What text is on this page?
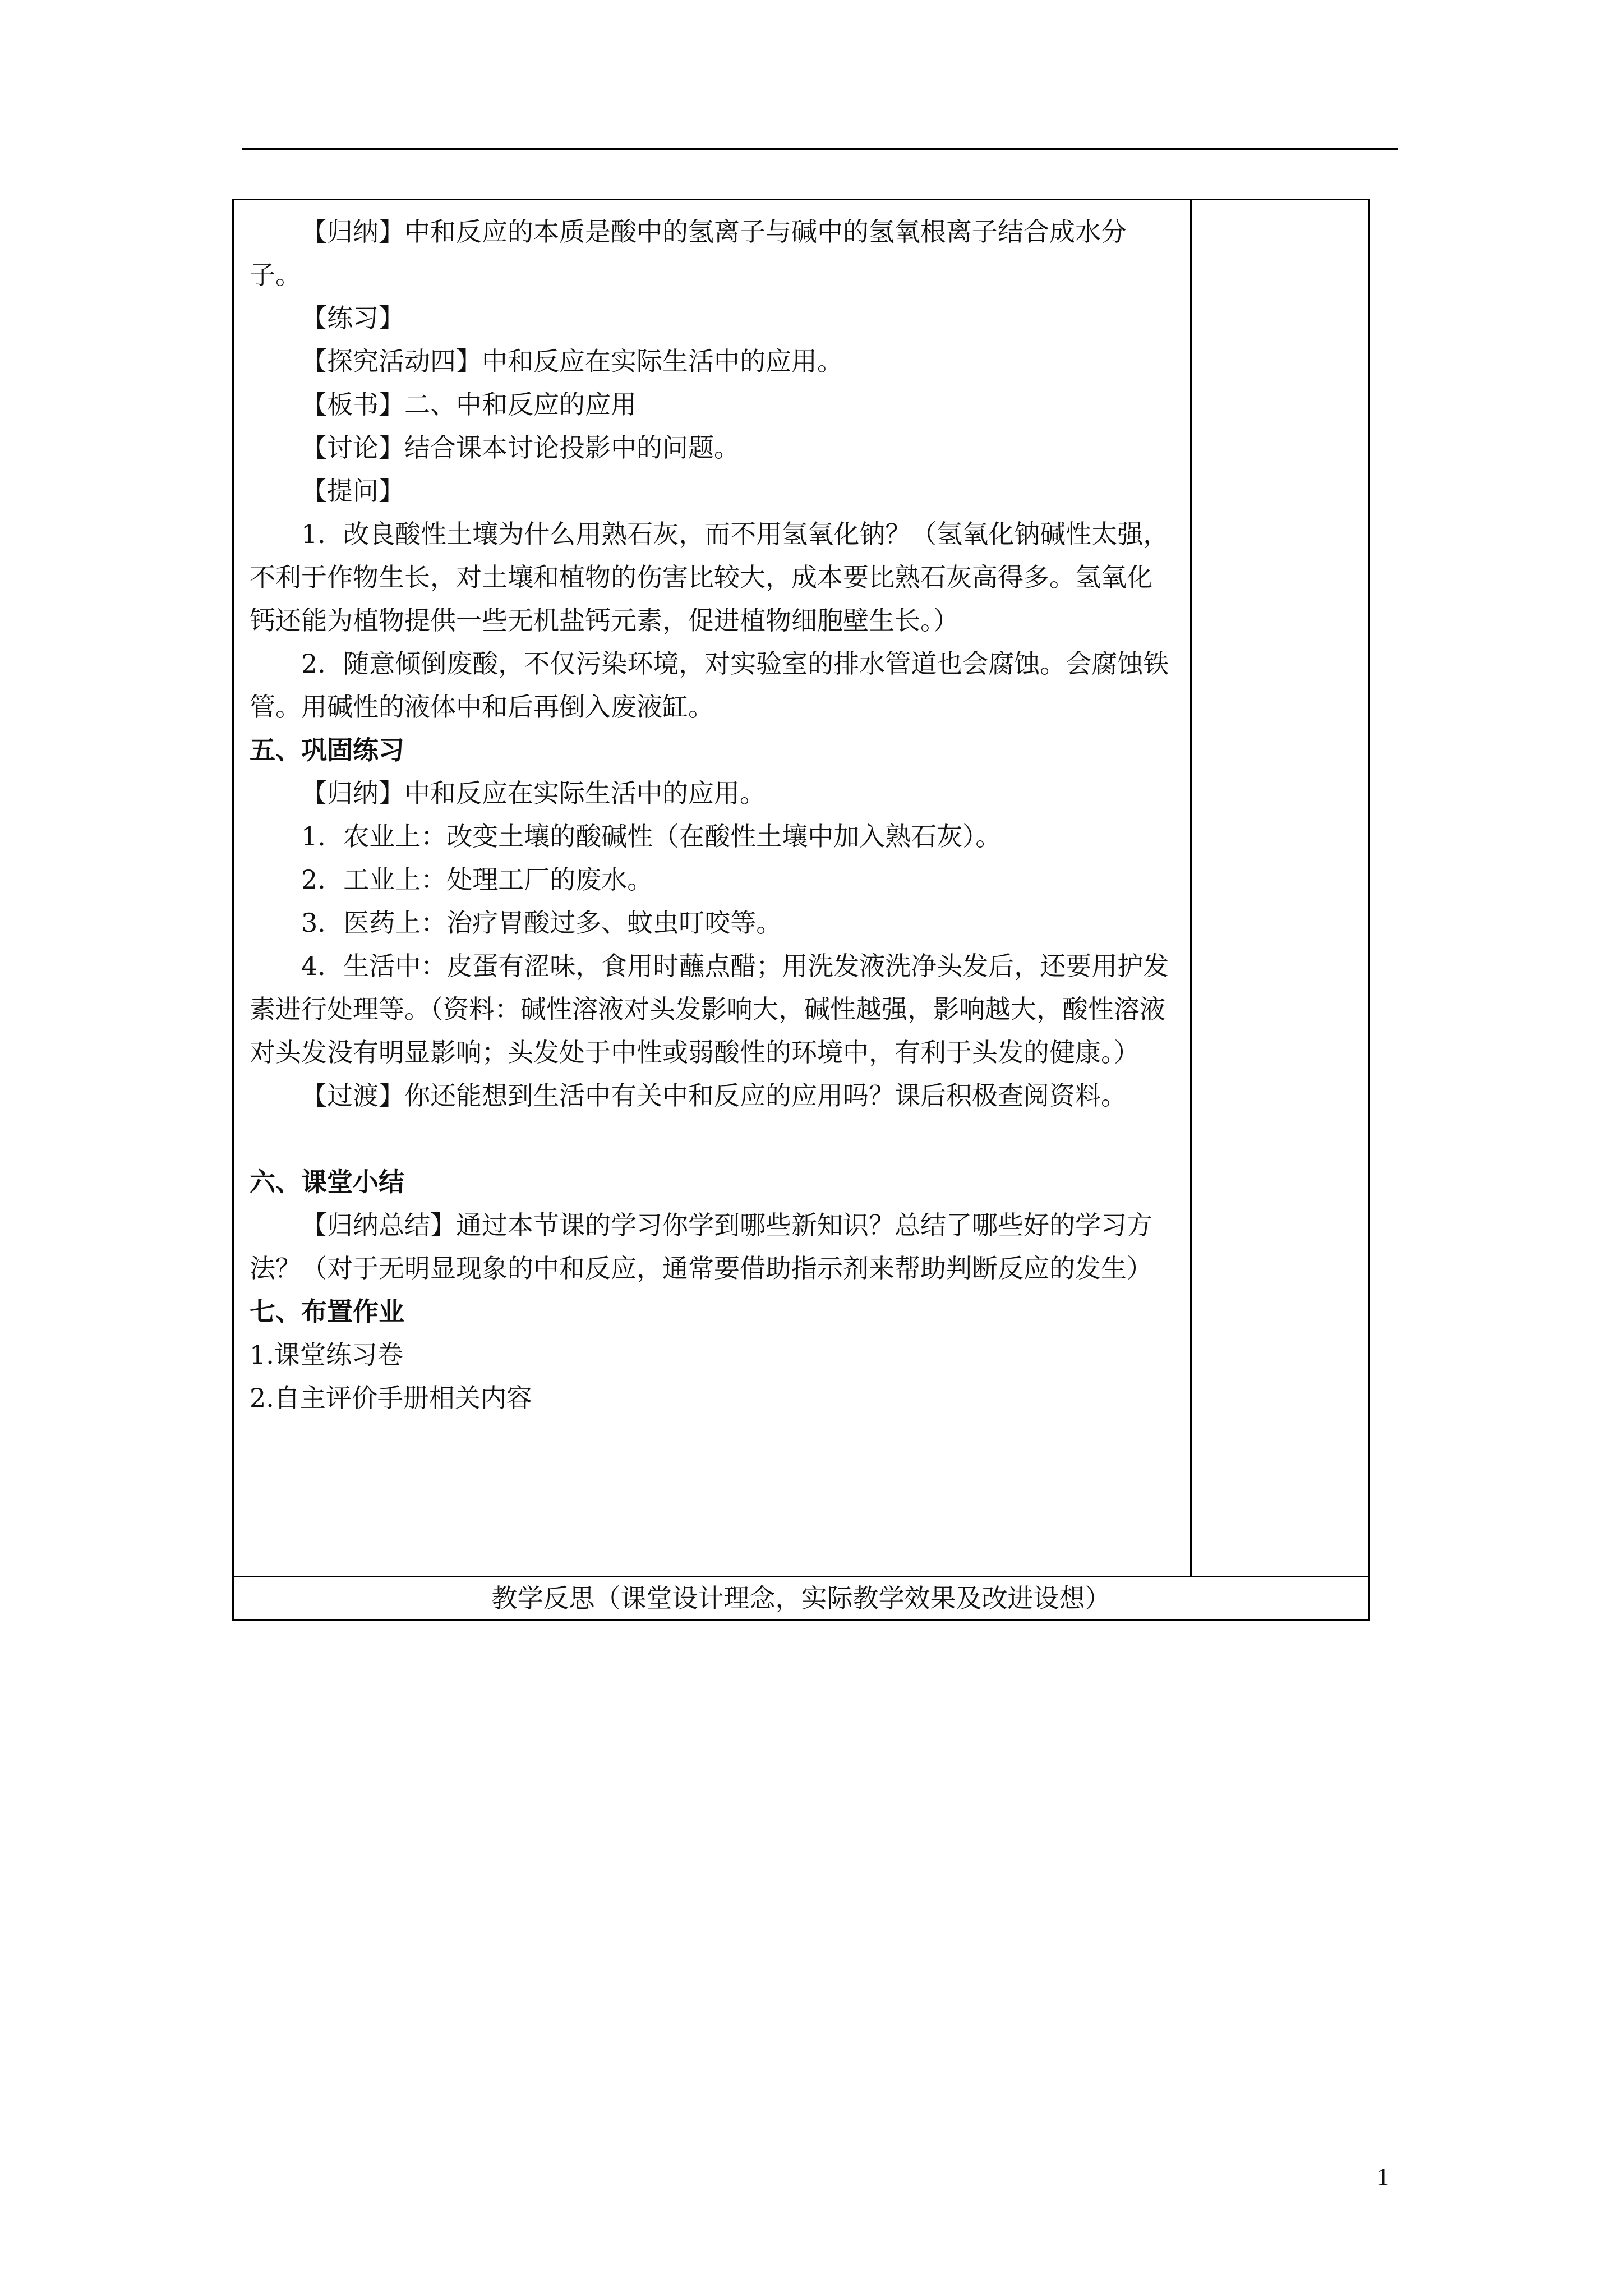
【归纳】中和反应的本质是酸中的氢离子与碱中的氢氧根离子结合成水分子。

【练习】

【探究活动四】中和反应在实际生活中的应用。

【板书】二、中和反应的应用

【讨论】结合课本讨论投影中的问题。

【提问】

1．改良酸性土壤为什么用熟石灰，而不用氢氧化钠？（氢氧化钠碱性太强，不利于作物生长，对土壤和植物的伤害比较大，成本要比熟石灰高得多。氢氧化钙还能为植物提供一些无机盐钙元素，促进植物细胞壁生长。）

2．随意倾倒废酸，不仅污染环境，对实验室的排水管道也会腐蚀。会腐蚀铁管。用碱性的液体中和后再倒入废液缸。

五、巩固练习

【归纳】中和反应在实际生活中的应用。

1．农业上：改变土壤的酸碱性（在酸性土壤中加入熟石灰）。

2．工业上：处理工厂的废水。

3．医药上：治疗胃酸过多、蚊虫叮咬等。

4．生活中：皮蛋有涩味，食用时蘸点醋；用洗发液洗净头发后，还要用护发素进行处理等。（资料：碱性溶液对头发影响大，碱性越强，影响越大，酸性溶液对头发没有明显影响；头发处于中性或弱酸性的环境中，有利于头发的健康。）

【过渡】你还能想到生活中有关中和反应的应用吗？课后积极查阅资料。

六、课堂小结

【归纳总结】通过本节课的学习你学到哪些新知识？总结了哪些好的学习方法？（对于无明显现象的中和反应，通常要借助指示剂来帮助判断反应的发生）

七、布置作业

1.课堂练习卷

2.自主评价手册相关内容

教学反思（课堂设计理念，实际教学效果及改进设想）
1
